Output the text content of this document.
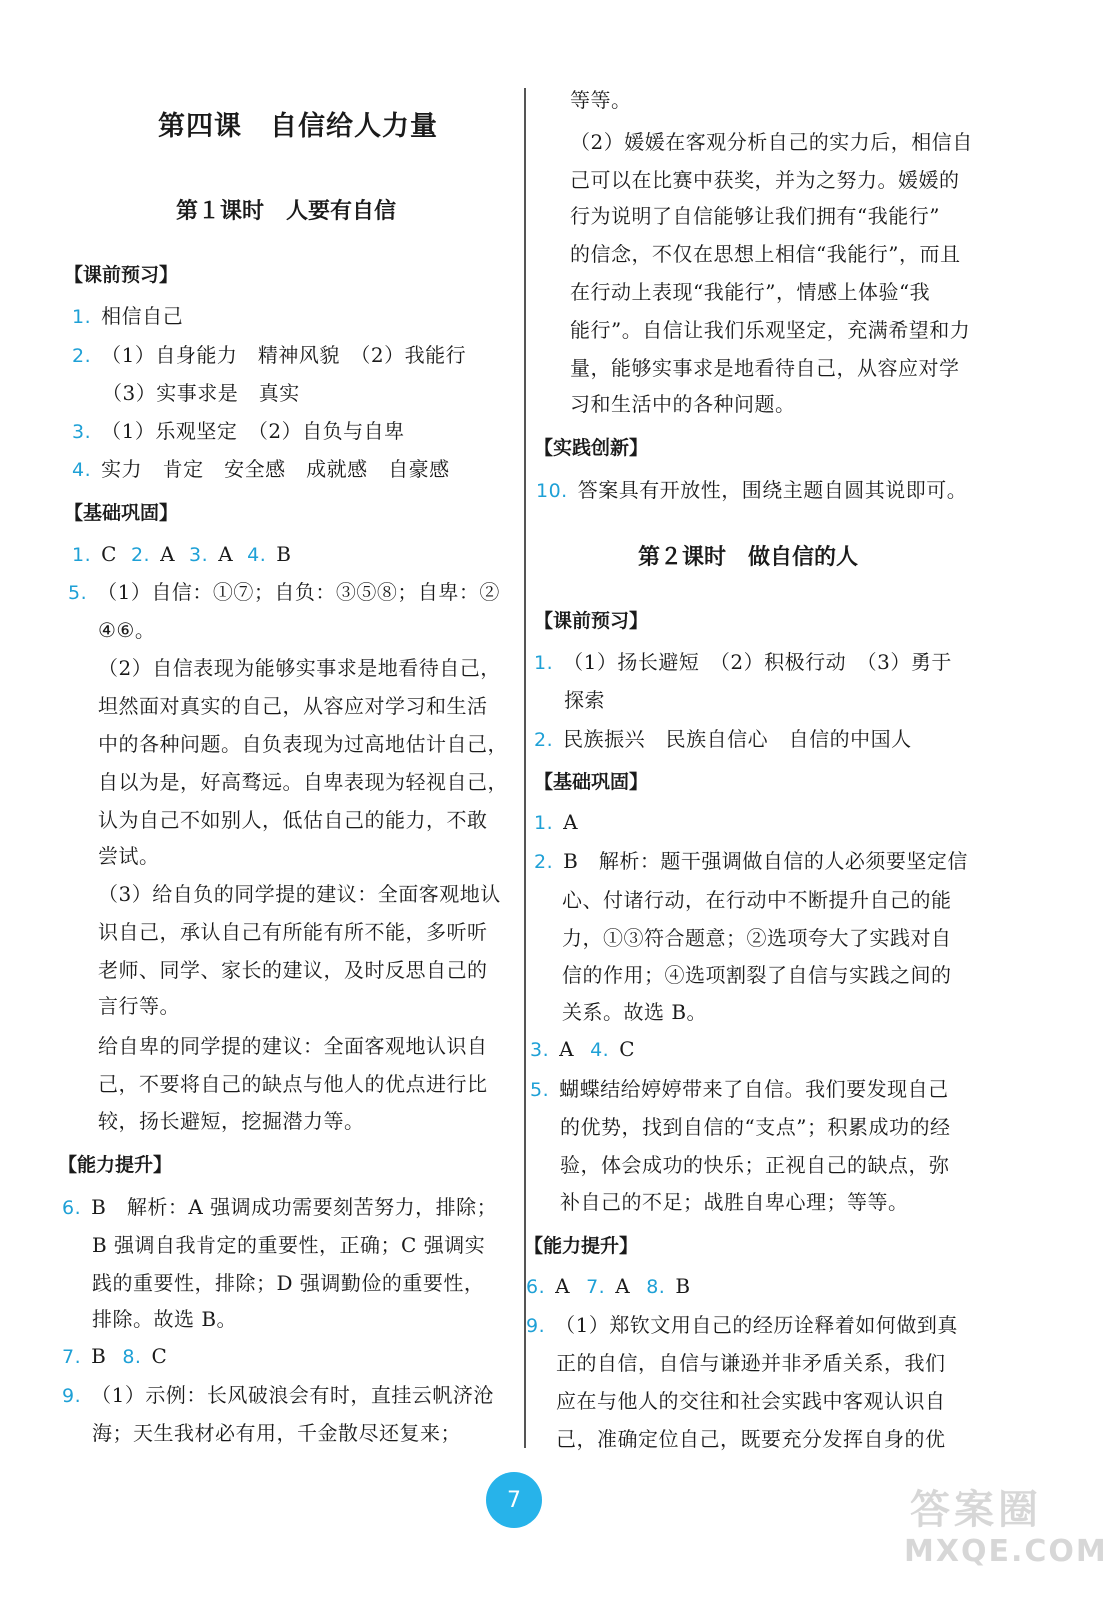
第四课　自信给人力量
第１课时　人要有自信
【课前预习】
1. 相信自己
2. （1）自身能力　精神风貌　（2）我能行
（3）实事求是　真实
3. （1）乐观坚定　（2）自负与自卑
4. 实力　肯定　安全感　成就感　自豪感
【基础巩固】
1. C 2. A 3. A 4. B
5. （1）自信：①⑦；自负：③⑤⑧；自卑：②
④⑥。
（2）自信表现为能够实事求是地看待自己，
坦然面对真实的自己，从容应对学习和生活
中的各种问题。自负表现为过高地估计自己，
自以为是，好高骛远。自卑表现为轻视自己，
认为自己不如别人，低估自己的能力，不敢
尝试。
（3）给自负的同学提的建议：全面客观地认
识自己，承认自己有所能有所不能，多听听
老师、同学、家长的建议，及时反思自己的
言行等。
给自卑的同学提的建议：全面客观地认识自
己，不要将自己的缺点与他人的优点进行比
较，扬长避短，挖掘潜力等。
【能力提升】
6. B　解析：A 强调成功需要刻苦努力，排除；
B 强调自我肯定的重要性，正确；C 强调实
践的重要性，排除；D 强调勤俭的重要性，
排除。故选 B。
7. B 8. C
9. （1）示例：长风破浪会有时，直挂云帆济沧
海；天生我材必有用，千金散尽还复来；
等等。
（2）媛媛在客观分析自己的实力后，相信自
己可以在比赛中获奖，并为之努力。媛媛的
行为说明了自信能够让我们拥有“我能行”
的信念，不仅在思想上相信“我能行”，而且
在行动上表现“我能行”，情感上体验“我
能行”。自信让我们乐观坚定，充满希望和力
量，能够实事求是地看待自己，从容应对学
习和生活中的各种问题。
【实践创新】
10. 答案具有开放性，围绕主题自圆其说即可。
第２课时　做自信的人
【课前预习】
1. （1）扬长避短　（2）积极行动　（3）勇于
探索
2. 民族振兴　民族自信心　自信的中国人
【基础巩固】
1. A
2. B　解析：题干强调做自信的人必须要坚定信
心、付诸行动，在行动中不断提升自己的能
力，①③符合题意；②选项夸大了实践对自
信的作用；④选项割裂了自信与实践之间的
关系。故选 B。
3. A 4. C
5. 蝴蝶结给婷婷带来了自信。我们要发现自己
的优势，找到自信的“支点”；积累成功的经
验，体会成功的快乐；正视自己的缺点，弥
补自己的不足；战胜自卑心理；等等。
【能力提升】
6. A 7. A 8. B
9. （1）郑钦文用自己的经历诠释着如何做到真
正的自信，自信与谦逊并非矛盾关系，我们
应在与他人的交往和社会实践中客观认识自
己，准确定位自己，既要充分发挥自身的优
7	答案圈
MXQE.COM
